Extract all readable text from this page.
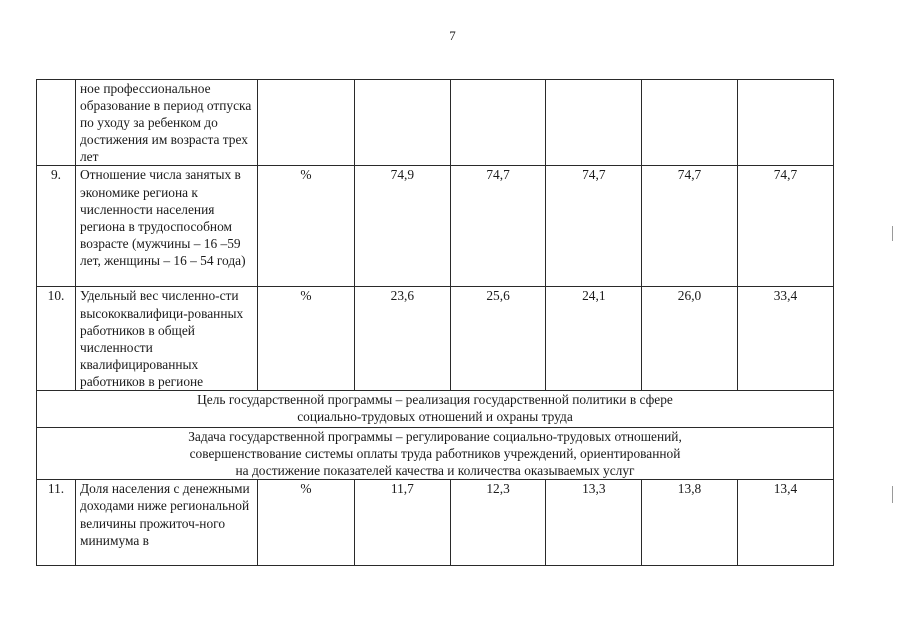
7
	ное профессиональное образование в период отпуска по уходу за ребенком до достижения им возраста трех лет						
9.	Отношение числа занятых в экономике региона к численности населения региона в трудоспособном возрасте (мужчины – 16 –59 лет, женщины – 16 – 54 года)	%	74,9	74,7	74,7	74,7	74,7
10.	Удельный вес численно-сти высококвалифици-рованных работников в общей численности квалифицированных работников в регионе	%	23,6	25,6	24,1	26,0	33,4

Цель государственной программы – реализация государственной политики в сфере
социально-трудовых отношений и охраны труда							

Задача государственной программы – регулирование социально-трудовых отношений,
совершенствование системы оплаты труда работников учреждений, ориентированной
на достижение показателей качества и количества оказываемых услуг							

11.	Доля населения с денежными доходами ниже региональной величины прожиточ-ного минимума в	%	11,7	12,3	13,3	13,8	13,4
